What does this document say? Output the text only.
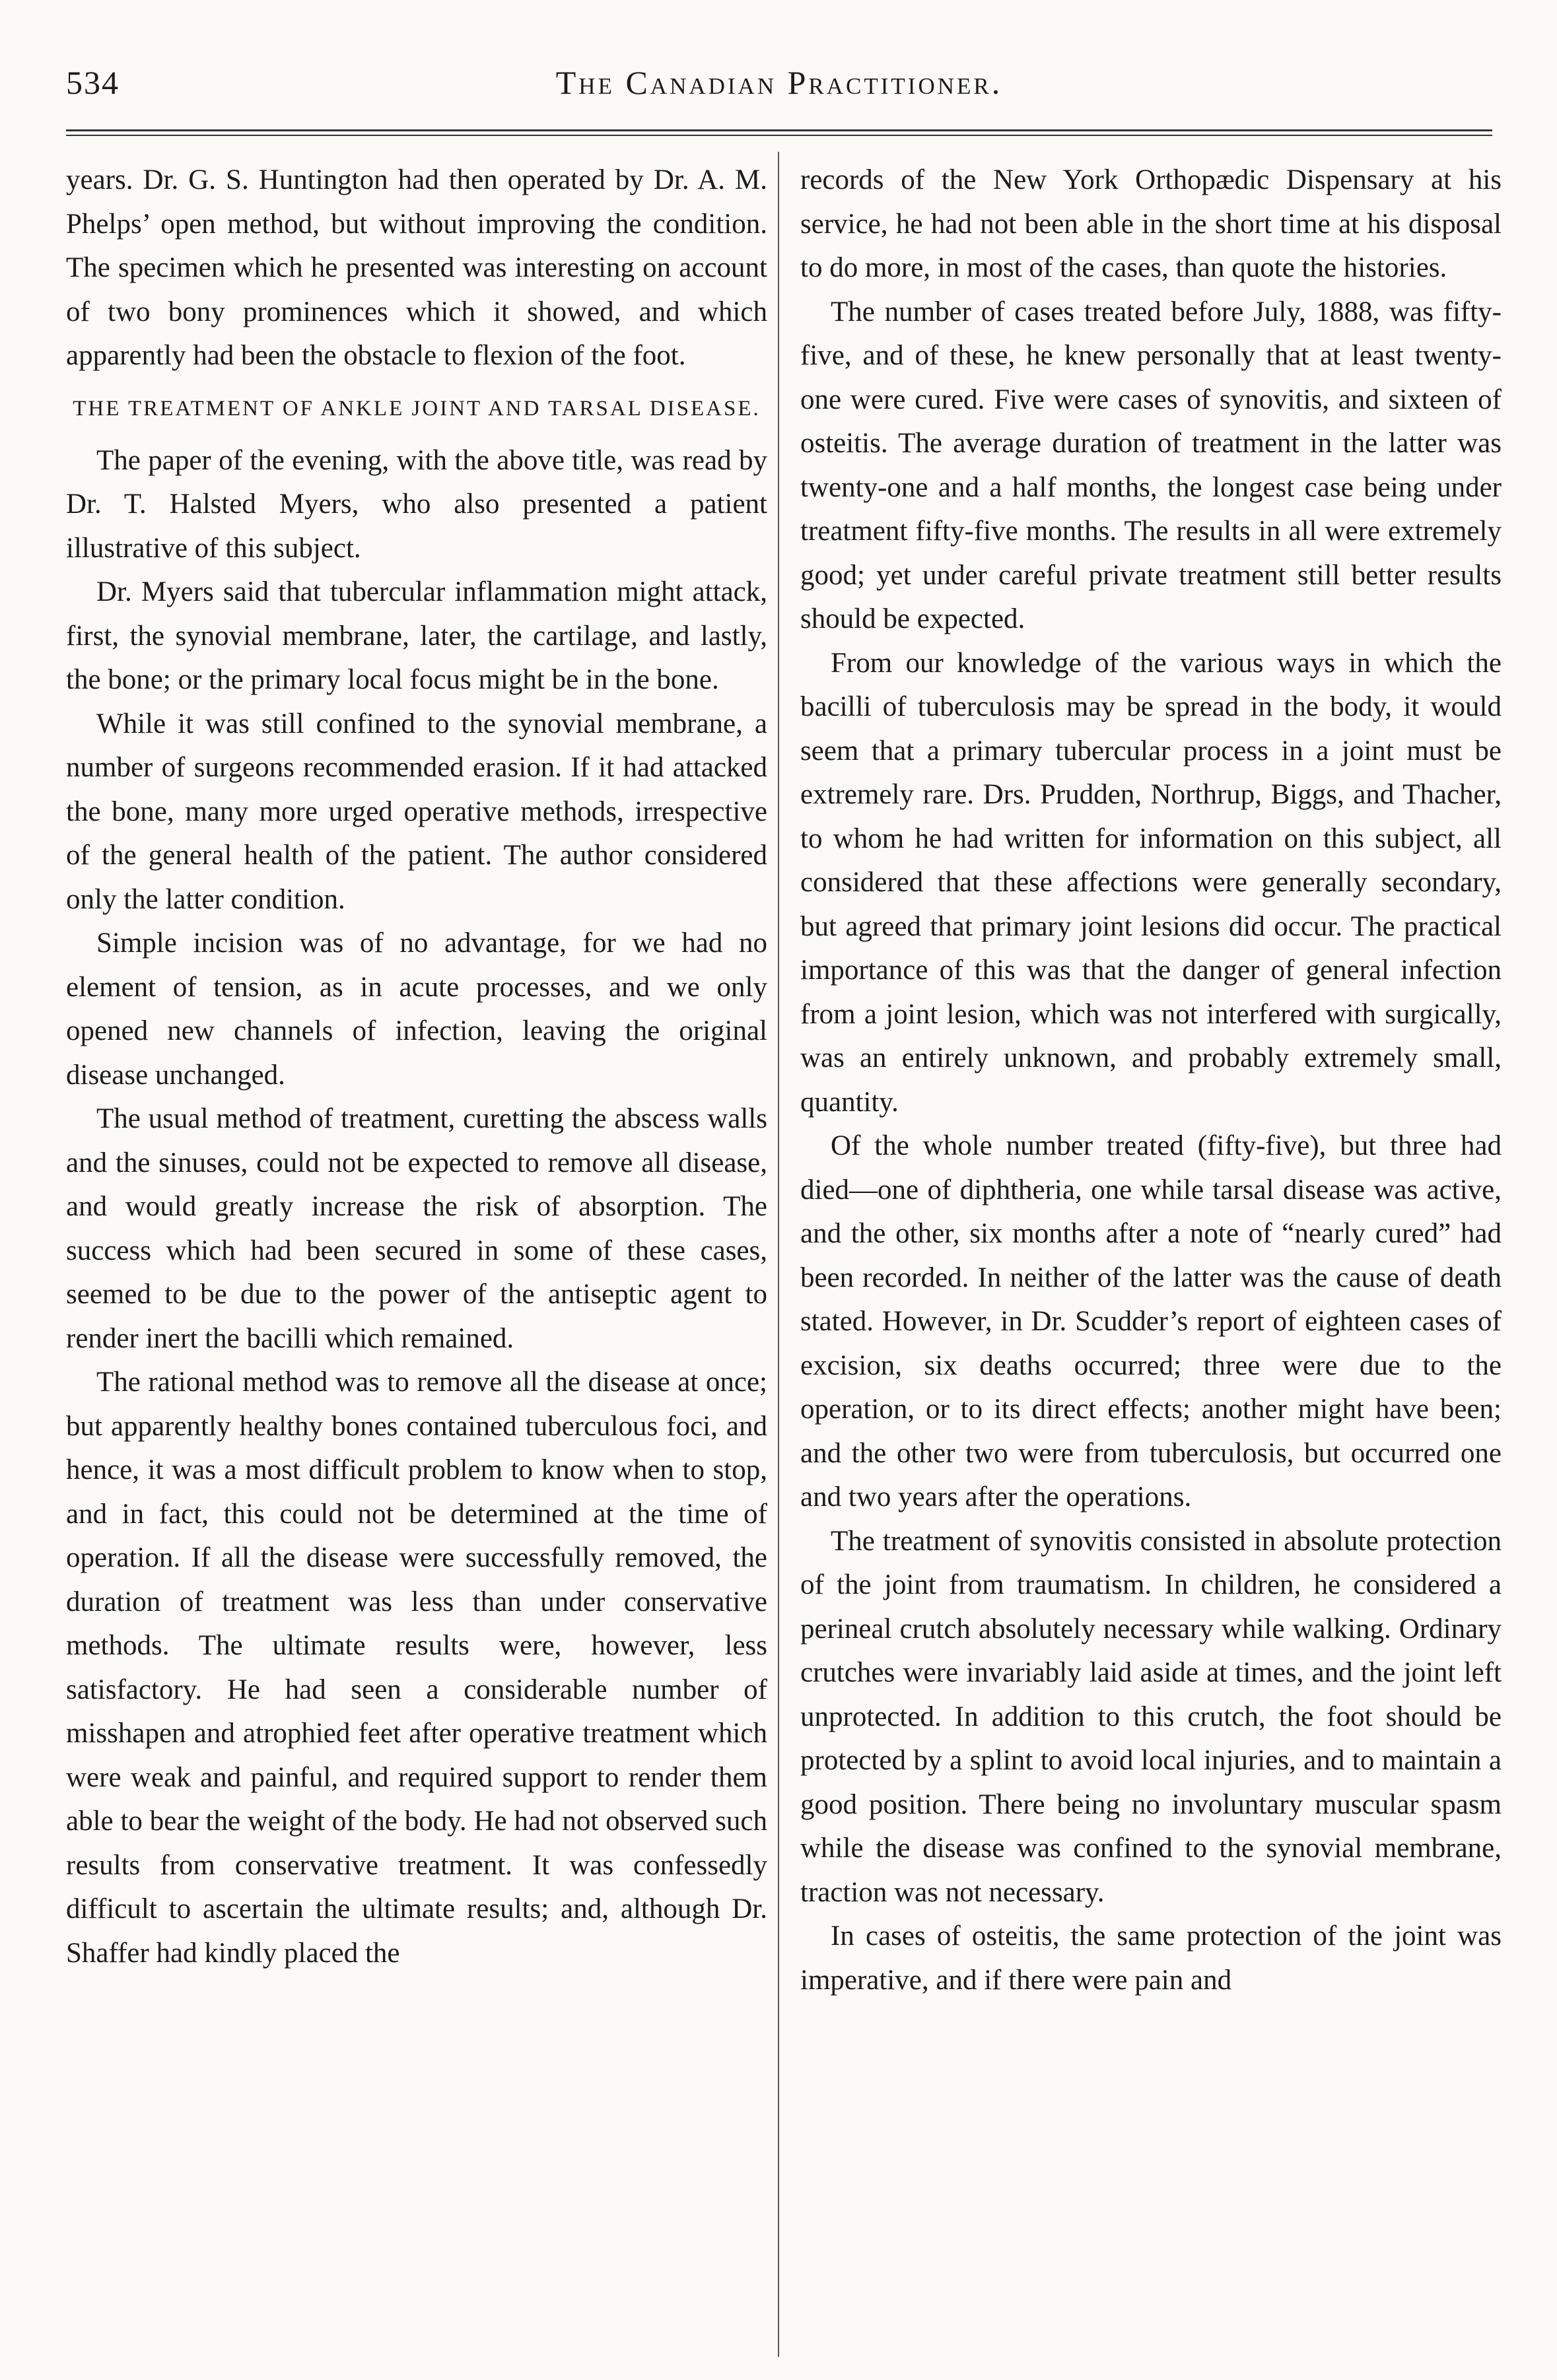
534	The Canadian Practitioner.

years. Dr. G. S. Huntington had then operated by Dr. A. M. Phelps’ open method, but without improving the condition. The specimen which he presented was interesting on account of two bony prominences which it showed, and which apparently had been the obstacle to flexion of the foot.

THE TREATMENT OF ANKLE JOINT AND TARSAL DISEASE.

The paper of the evening, with the above title, was read by Dr. T. Halsted Myers, who also presented a patient illustrative of this subject.

Dr. Myers said that tubercular inflammation might attack, first, the synovial membrane, later, the cartilage, and lastly, the bone; or the primary local focus might be in the bone.

While it was still confined to the synovial membrane, a number of surgeons recommended erasion. If it had attacked the bone, many more urged operative methods, irrespective of the general health of the patient. The author considered only the latter condition.

Simple incision was of no advantage, for we had no element of tension, as in acute processes, and we only opened new channels of infection, leaving the original disease unchanged.

The usual method of treatment, curetting the abscess walls and the sinuses, could not be expected to remove all disease, and would greatly increase the risk of absorption. The success which had been secured in some of these cases, seemed to be due to the power of the antiseptic agent to render inert the bacilli which remained.

The rational method was to remove all the disease at once; but apparently healthy bones contained tuberculous foci, and hence, it was a most difficult problem to know when to stop, and in fact, this could not be determined at the time of operation. If all the disease were successfully removed, the duration of treatment was less than under conservative methods. The ultimate results were, however, less satisfactory. He had seen a considerable number of misshapen and atrophied feet after operative treatment which were weak and painful, and required support to render them able to bear the weight of the body. He had not observed such results from conservative treatment. It was confessedly difficult to ascertain the ultimate results; and, although Dr. Shaffer had kindly placed the

records of the New York Orthopædic Dispensary at his service, he had not been able in the short time at his disposal to do more, in most of the cases, than quote the histories.

The number of cases treated before July, 1888, was fifty-five, and of these, he knew personally that at least twenty-one were cured. Five were cases of synovitis, and sixteen of osteitis. The average duration of treatment in the latter was twenty-one and a half months, the longest case being under treatment fifty-five months. The results in all were extremely good; yet under careful private treatment still better results should be expected.

From our knowledge of the various ways in which the bacilli of tuberculosis may be spread in the body, it would seem that a primary tubercular process in a joint must be extremely rare. Drs. Prudden, Northrup, Biggs, and Thacher, to whom he had written for information on this subject, all considered that these affections were generally secondary, but agreed that primary joint lesions did occur. The practical importance of this was that the danger of general infection from a joint lesion, which was not interfered with surgically, was an entirely unknown, and probably extremely small, quantity.

Of the whole number treated (fifty-five), but three had died—one of diphtheria, one while tarsal disease was active, and the other, six months after a note of “nearly cured” had been recorded. In neither of the latter was the cause of death stated. However, in Dr. Scudder’s report of eighteen cases of excision, six deaths occurred; three were due to the operation, or to its direct effects; another might have been; and the other two were from tuberculosis, but occurred one and two years after the operations.

The treatment of synovitis consisted in absolute protection of the joint from traumatism. In children, he considered a perineal crutch absolutely necessary while walking. Ordinary crutches were invariably laid aside at times, and the joint left unprotected. In addition to this crutch, the foot should be protected by a splint to avoid local injuries, and to maintain a good position. There being no involuntary muscular spasm while the disease was confined to the synovial membrane, traction was not necessary.

In cases of osteitis, the same protection of the joint was imperative, and if there were pain and
